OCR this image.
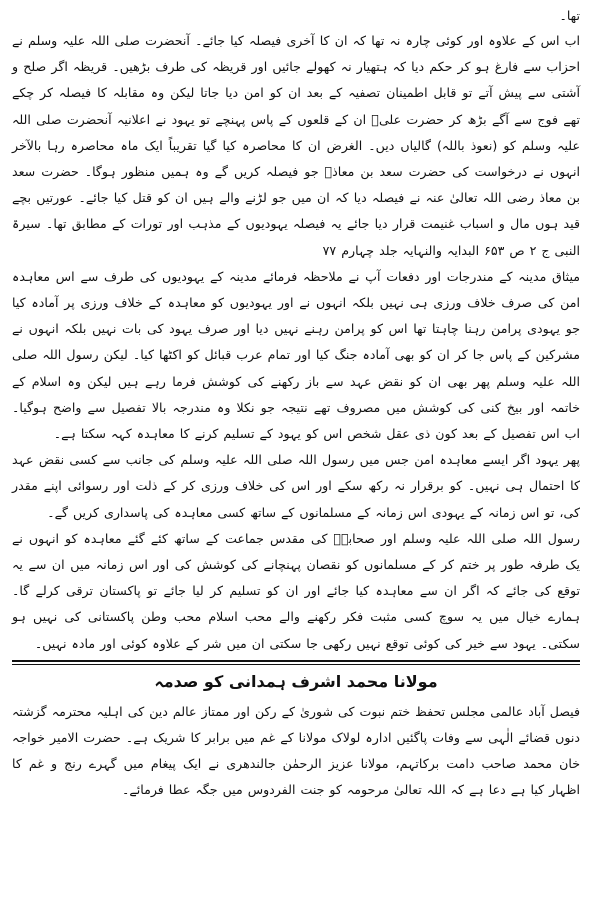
تھا۔

اب اس کے علاوہ اور کوئی چارہ نہ تھا کہ ان کا آخری فیصلہ کیا جائے۔ آنحضرت صلی اللہ علیہ وسلم نے احزاب سے فارغ ہو کر حکم دیا کہ ہتھیار نہ کھولے جائیں اور قریظہ کی طرف بڑھیں۔ قریظہ اگر صلح و آشتی سے پیش آتے تو قابل اطمینان تصفیہ کے بعد ان کو امن دیا جاتا لیکن وہ مقابلہ کا فیصلہ کر چکے تھے فوج سے آگے بڑھ کر حضرت علیؓ ان کے قلعوں کے پاس پہنچے تو یہود نے اعلانیہ آنحضرت صلی اللہ علیہ وسلم کو (نعوذ باللہ) گالیاں دیں۔ الغرض ان کا محاصرہ کیا گیا تقریباً ایک ماہ محاصرہ رہا بالآخر انہوں نے درخواست کی حضرت سعد بن معاذؓ جو فیصلہ کریں گے وہ ہمیں منظور ہوگا۔ حضرت سعد بن معاذ رضی اللہ تعالیٰ عنہ نے فیصلہ دیا کہ ان میں جو لڑنے والے ہیں ان کو قتل کیا جائے۔ عورتیں بچے قید ہوں مال و اسباب غنیمت قرار دیا جائے یہ فیصلہ یہودیوں کے مذہب اور تورات کے مطابق تھا۔ سیرۃ النبی ج ۲ ص ۶۵۳ البدایہ والنہایہ جلد چہارم ۷۷

میثاق مدینہ کے مندرجات اور دفعات آپ نے ملاحظہ فرمائے مدینہ کے یہودیوں کی طرف سے اس معاہدہ امن کی صرف خلاف ورزی ہی نہیں بلکہ انہوں نے اور یہودیوں کو معاہدہ کے خلاف ورزی پر آمادہ کیا جو یہودی پرامن رہنا چاہتا تھا اس کو پرامن رہنے نہیں دیا اور صرف یہود کی بات نہیں بلکہ انہوں نے مشرکین کے پاس جا کر ان کو بھی آمادہ جنگ کیا اور تمام عرب قبائل کو اکٹھا کیا۔ لیکن رسول اللہ صلی اللہ علیہ وسلم پھر بھی ان کو نقض عہد سے باز رکھنے کی کوشش فرما رہے ہیں لیکن وہ اسلام کے خاتمہ اور بیخ کنی کی کوشش میں مصروف تھے نتیجہ جو نکلا وہ مندرجہ بالا تفصیل سے واضح ہوگیا۔ اب اس تفصیل کے بعد کون ذی عقل شخص اس کو یہود کے تسلیم کرنے کا معاہدہ کہہ سکتا ہے۔

پھر یہود اگر ایسے معاہدہ امن جس میں رسول اللہ صلی اللہ علیہ وسلم کی جانب سے کسی نقض عہد کا احتمال ہی نہیں۔ کو برقرار نہ رکھ سکے اور اس کی خلاف ورزی کر کے ذلت اور رسوائی اپنے مقدر کی، تو اس زمانہ کے یہودی اس زمانہ کے مسلمانوں کے ساتھ کسی معاہدہ کی پاسداری کریں گے۔

رسول اللہ صلی اللہ علیہ وسلم اور صحابہؓ کی مقدس جماعت کے ساتھ کئے گئے معاہدہ کو انہوں نے یک طرفہ طور پر ختم کر کے مسلمانوں کو نقصان پہنچانے کی کوشش کی اور اس زمانہ میں ان سے یہ توقع کی جائے کہ اگر ان سے معاہدہ کیا جائے اور ان کو تسلیم کر لیا جائے تو پاکستان ترقی کرلے گا۔ ہمارے خیال میں یہ سوچ کسی مثبت فکر رکھنے والے محب اسلام محب وطن پاکستانی کی نہیں ہو سکتی۔ یہود سے خیر کی کوئی توقع نہیں رکھی جا سکتی ان میں شر کے علاوہ کوئی اور مادہ نہیں۔

مولانا محمد اشرف ہمدانی کو صدمہ

فیصل آباد عالمی مجلس تحفظ ختم نبوت کی شوریٰ کے رکن اور ممتاز عالم دین کی اہلیہ محترمہ گزشتہ دنوں قضائے الٰہی سے وفات پاگئیں ادارہ لولاک مولانا کے غم میں برابر کا شریک ہے۔ حضرت الامیر خواجہ خان محمد صاحب دامت برکاتہم، مولانا عزیز الرحمٰن جالندھری نے ایک پیغام میں گہرے رنج و غم کا اظہار کیا ہے دعا ہے کہ اللہ تعالیٰ مرحومہ کو جنت الفردوس میں جگہ عطا فرمائے۔
